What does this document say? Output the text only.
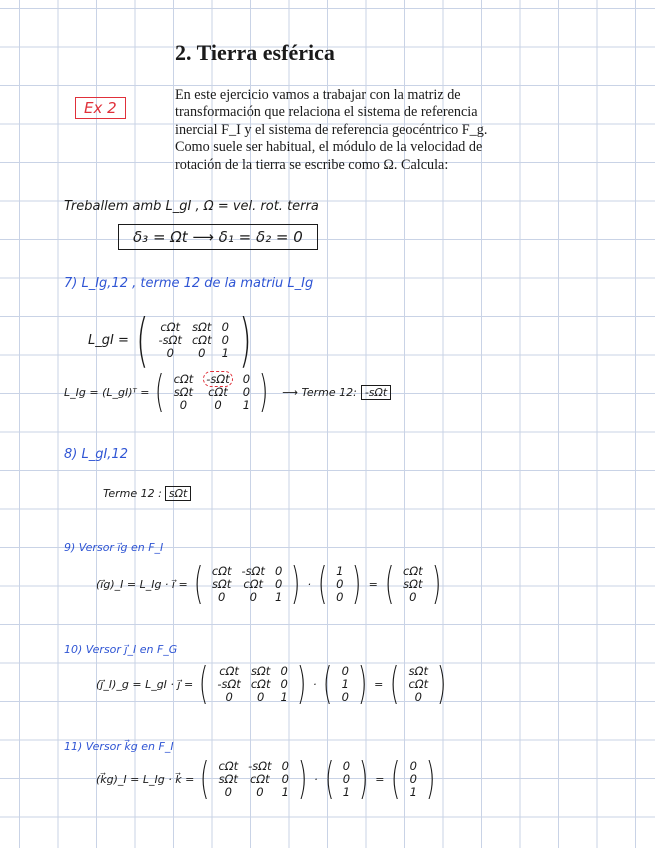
2. Tierra esférica
En este ejercicio vamos a trabajar con la matriz de transformación que relaciona el sistema de referencia inercial F_I y el sistema de referencia geocéntrico F_g. Como suele ser habitual, el módulo de la velocidad de rotación de la tierra se escribe como Ω. Calcula:
Ex 2
Treballem amb L_gI , Ω = vel. rot. terra
δ₃ = Ωt ⟶ δ₁ = δ₂ = 0
7) L_Ig,12 , terme 12 de la matriu L_Ig
L_gI = ( cΩt	sΩt	0
-sΩt	cΩt	0
0	0	1 )
L_Ig = (L_gI)ᵀ = ( cΩt	-sΩt	0
sΩt	cΩt	0
0	0	1 ) ⟶ Terme 12: -sΩt
8) L_gI,12
Terme 12 : sΩt
9) Versor i⃗g en F_I
(i⃗g)_I = L_Ig · i⃗ = ( cΩt	-sΩt	0
sΩt	cΩt	0
0	0	1 ) · ( 1
0
0 ) = ( cΩt
sΩt
0 )
10) Versor j⃗_I en F_G
(j⃗_I)_g = L_gI · j⃗ = ( cΩt	sΩt	0
-sΩt	cΩt	0
0	0	1 ) · ( 0
1
0 ) = ( sΩt
cΩt
0 )
11) Versor k⃗g en F_I
(k⃗g)_I = L_Ig · k⃗ = ( cΩt	-sΩt	0
sΩt	cΩt	0
0	0	1 ) · ( 0
0
1 ) = ( 0
0
1 )
